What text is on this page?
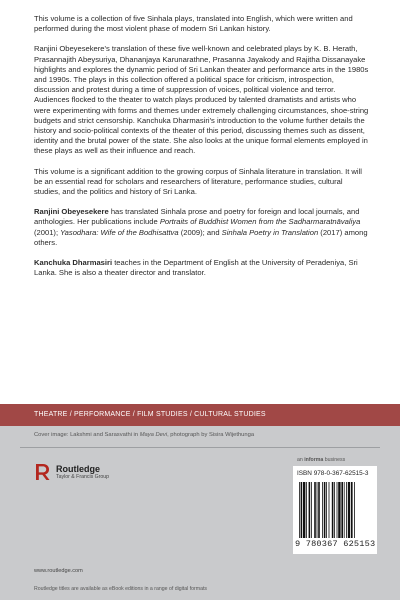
This volume is a collection of five Sinhala plays, translated into English, which were written and performed during the most violent phase of modern Sri Lankan history.

Ranjini Obeyesekere's translation of these five well-known and celebrated plays by K. B. Herath, Prasannajith Abeysuriya, Dhananjaya Karunarathne, Prasanna Jayakody and Rajitha Dissanayake highlights and explores the dynamic period of Sri Lankan theater and performance arts in the 1980s and 1990s. The plays in this collection offered a political space for criticism, introspection, discussion and protest during a time of suppression of voices, political violence and terror. Audiences flocked to the theater to watch plays produced by talented dramatists and artists who were experimenting with forms and themes under extremely challenging circumstances, shoe-string budgets and strict censorship. Kanchuka Dharmasiri's introduction to the volume further details the history and socio-political contexts of the theater of this period, discussing themes such as dissent, identity and the brutal power of the state. She also looks at the unique formal elements employed in these plays as well as their influence and reach.

This volume is a significant addition to the growing corpus of Sinhala literature in translation. It will be an essential read for scholars and researchers of literature, performance studies, cultural studies, and the politics and history of Sri Lanka.

Ranjini Obeyesekere has translated Sinhala prose and poetry for foreign and local journals, and anthologies. Her publications include Portraits of Buddhist Women from the Sadharmaratnāvaliya (2001); Yasodhara: Wife of the Bodhisattva (2009); and Sinhala Poetry in Translation (2017) among others.

Kanchuka Dharmasiri teaches in the Department of English at the University of Peradeniya, Sri Lanka. She is also a theater director and translator.

THEATRE / PERFORMANCE / FILM STUDIES / CULTURAL STUDIES
Cover image: Lakshmi and Sarasvathi in Maya Devi, photograph by Sisira Wijethunga
Routledge
Taylor & Francis Group
www.routledge.com
Routledge titles are available as eBook editions in a range of digital formats
an informa business
ISBN 978-0-367-62515-3
9 780367 625153
